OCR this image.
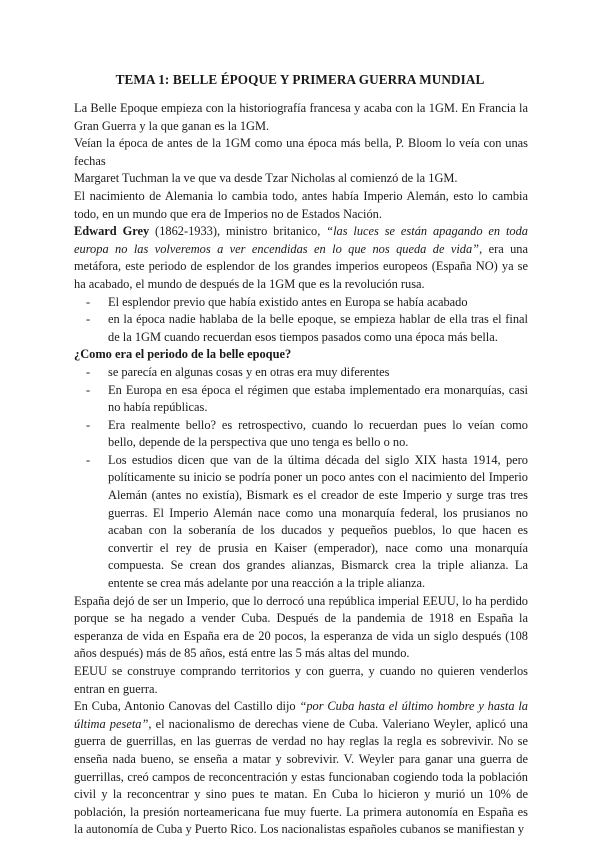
TEMA 1: BELLE ÉPOQUE Y PRIMERA GUERRA MUNDIAL

La Belle Epoque empieza con la historiografía francesa y acaba con la 1GM. En Francia la Gran Guerra y la que ganan es la 1GM.

Veían la época de antes de la 1GM como una época más bella, P. Bloom lo veía con unas fechas

Margaret Tuchman la ve que va desde Tzar Nicholas al comienzó de la 1GM.

El nacimiento de Alemania lo cambia todo, antes había Imperio Alemán, esto lo cambia todo, en un mundo que era de Imperios no de Estados Nación.

Edward Grey (1862-1933), ministro britanico, “las luces se están apagando en toda europa no las volveremos a ver encendidas en lo que nos queda de vida”, era una metáfora, este periodo de esplendor de los grandes imperios europeos (España NO) ya se ha acabado, el mundo de después de la 1GM que es la revolución rusa.

- El esplendor previo que había existido antes en Europa se había acabado
- en la época nadie hablaba de la belle epoque, se empieza hablar de ella tras el final de la 1GM cuando recuerdan esos tiempos pasados como una época más bella.

¿Como era el periodo de la belle epoque?

- se parecía en algunas cosas y en otras era muy diferentes
- En Europa en esa época el régimen que estaba implementado era monarquías, casi no había repúblicas.
- Era realmente bello? es retrospectivo, cuando lo recuerdan pues lo veían como bello, depende de la perspectiva que uno tenga es bello o no.
- Los estudios dicen que van de la última década del siglo XIX hasta 1914, pero políticamente su inicio se podría poner un poco antes con el nacimiento del Imperio Alemán (antes no existía), Bismark es el creador de este Imperio y surge tras tres guerras. El Imperio Alemán nace como una monarquía federal, los prusianos no acaban con la soberanía de los ducados y pequeños pueblos, lo que hacen es convertir el rey de prusia en Kaiser (emperador), nace como una monarquía compuesta. Se crean dos grandes alianzas, Bismarck crea la triple alianza. La entente se crea más adelante por una reacción a la triple alianza.

España dejó de ser un Imperio, que lo derrocó una república imperial EEUU, lo ha perdido porque se ha negado a vender Cuba. Después de la pandemia de 1918 en España la esperanza de vida en España era de 20 pocos, la esperanza de vida un siglo después (108 años después) más de 85 años, está entre las 5 más altas del mundo.

EEUU se construye comprando territorios y con guerra, y cuando no quieren venderlos entran en guerra.

En Cuba, Antonio Canovas del Castillo dijo “por Cuba hasta el último hombre y hasta la última peseta”, el nacionalismo de derechas viene de Cuba. Valeriano Weyler, aplicó una guerra de guerrillas, en las guerras de verdad no hay reglas la regla es sobrevivir. No se enseña nada bueno, se enseña a matar y sobrevivir. V. Weyler para ganar una guerra de guerrillas, creó campos de reconcentración y estas funcionaban cogiendo toda la población civil y la reconcentrar y sino pues te matan. En Cuba lo hicieron y murió un 10% de población, la presión norteamericana fue muy fuerte. La primera autonomía en España es la autonomía de Cuba y Puerto Rico. Los nacionalistas españoles cubanos se manifiestan y
